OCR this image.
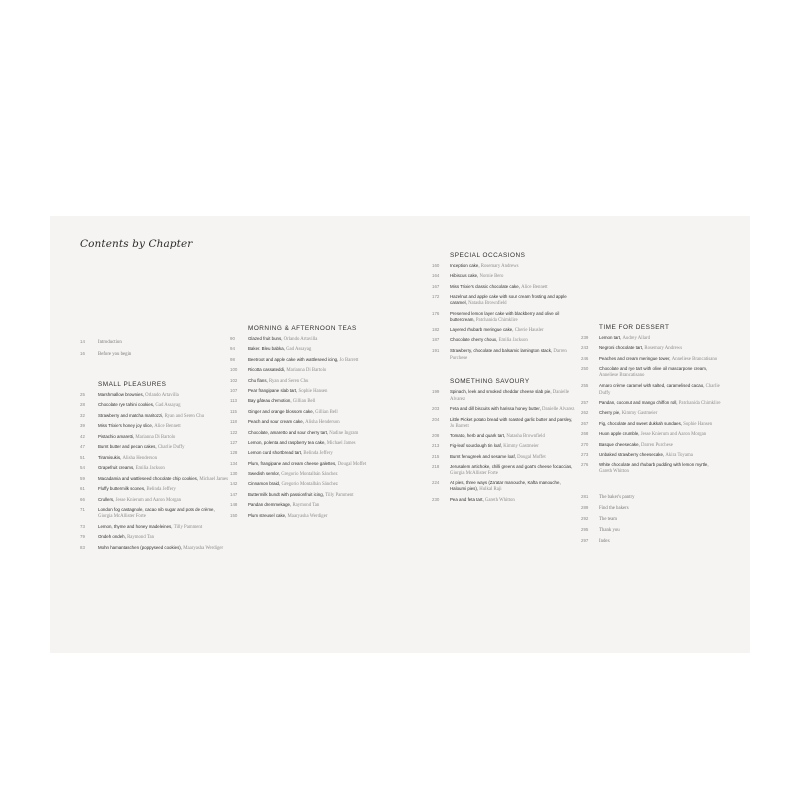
Contents by Chapter
14	Introduction
16	Before you begin
SMALL PLEASURES
25	Marshmallow brownies, Orlando Artavilla
28	Chocolate rye tahini cookies, Gad Assayag
32	Strawberry and matcha maritozzi, Ryan and Seren Chu
39	Miss Trixie's honey joy slice, Alice Bennett
42	Pistachio amaretti, Marianna Di Bartolo
47	Burnt butter and pecan cakes, Charlie Duffy
51	Tiramisukis, Alisha Henderson
54	Grapefruit creams, Emilia Jackson
59	Macadamia and wattleseed chocolate chip cookies, Michael James
61	Fluffy buttermilk scones, Belinda Jeffery
66	Crullers, Jesse Knierum and Aaron Morgan
71	London fog castagnole, cacao nib sugar and pots de crème, Giorgia McAllister Forte
73	Lemon, thyme and honey madeleines, Tilly Pamment
79	Ondeh ondeh, Raymond Tan
83	Mohn hamantaschen (poppyseed cookies), Maaryasha Werdiger
MORNING & AFTERNOON TEAS
90	Glazed fruit buns, Orlando Artavilla
94	Baker. Bleu babka, Gad Assayag
98	Beetroot and apple cake with wattleseed icing, Jo Barrett
100	Ricotta cassateddi, Marianna Di Bartolo
102	Chu flans, Ryan and Seren Chu
107	Pear frangipane slab tart, Sophie Hansen
113	Bay gâteau d'emotion, Gillian Bell
115	Ginger and orange blossom cake, Gillian Bell
118	Peach and sour cream cake, Alisha Henderson
122	Chocolate, amaretto and sour cherry tart, Nadine Ingram
127	Lemon, polenta and raspberry tea cake, Michael James
128	Lemon curd shortbread tart, Belinda Jeffery
134	Plum, frangipane and cream cheese galettes, Dougal Moffet
130	Swedish semlor, Gregorio Montalbán Sánchez
142	Cinnamon braid, Gregorio Montalbán Sánchez
147	Buttermilk bundt with passionfruit icing, Tilly Pamment
148	Pandan dremmekage, Raymond Tan
150	Plum streusel cake, Maaryasha Werdiger
SPECIAL OCCASIONS
160	Inception cake, Rosemary Andrews
164	Hibiscus cake, Nornie Bero
167	Miss Trixie's classic chocolate cake, Alice Bennett
172	Hazelnut and apple cake with sour cream frosting and apple caramel, Natasha Brownfield
176	Preserved lemon layer cake with blackberry and olive oil buttercream, Patchanida Chimklire
182	Layered rhubarb meringue cake, Cherie Hausler
187	Chocolate cherry choux, Emilia Jackson
191	Strawberry, chocolate and balsamic lamington stack, Darren Purchese
SOMETHING SAVOURY
199	Spinach, leek and smoked cheddar cheese slab pie, Danielle Alvarez
203	Feta and dill biscuits with harissa honey butter, Danielle Alvarez
204	Little Picket potato bread with roasted garlic butter and parsley, Jo Barrett
208	Tomato, herb and quark tart, Natasha Brownfield
213	Fig-leaf sourdough tin loaf, Kimmy Gastmeier
215	Burnt fenugreek and sesame loaf, Dougal Moffet
218	Jerusalem artichoke, chilli greens and goat's cheese focaccias, Giorgia McAllister Forte
224	At pies, three ways (Za'atar manouche, Kafta manouche, Haloumi pies), Hulkal Raji
230	Pea and feta tart, Gareth Whitton
TIME FOR DESSERT
239	Lemon tart, Audrey Allard
243	Negroni chocolate tart, Rosemary Andrews
246	Peaches and cream meringue tower, Anneliese Brancatisano
250	Chocolate and rye tart with olive oil mascarpone cream, Anneliese Brancatisano
255	Amaro crème caramel with salted, caramelised cacao, Charlie Duffy
257	Pandan, coconut and mango chiffon roll, Patchanida Chimklire
262	Cherry pie, Kimmy Gastmeier
267	Fig, chocolate and sweet dukkah sundaes, Sophie Hansen
268	Huon apple crumble, Jesse Knierum and Aaron Morgan
270	Basque cheesecake, Darren Purchese
273	Unbaked strawberry cheesecake, Akira Toyama
276	White chocolate and rhubarb pudding with lemon myrtle, Gareth Whitton
281	The baker's pantry
289	Find the bakers
292	The team
295	Thank you
297	Index
